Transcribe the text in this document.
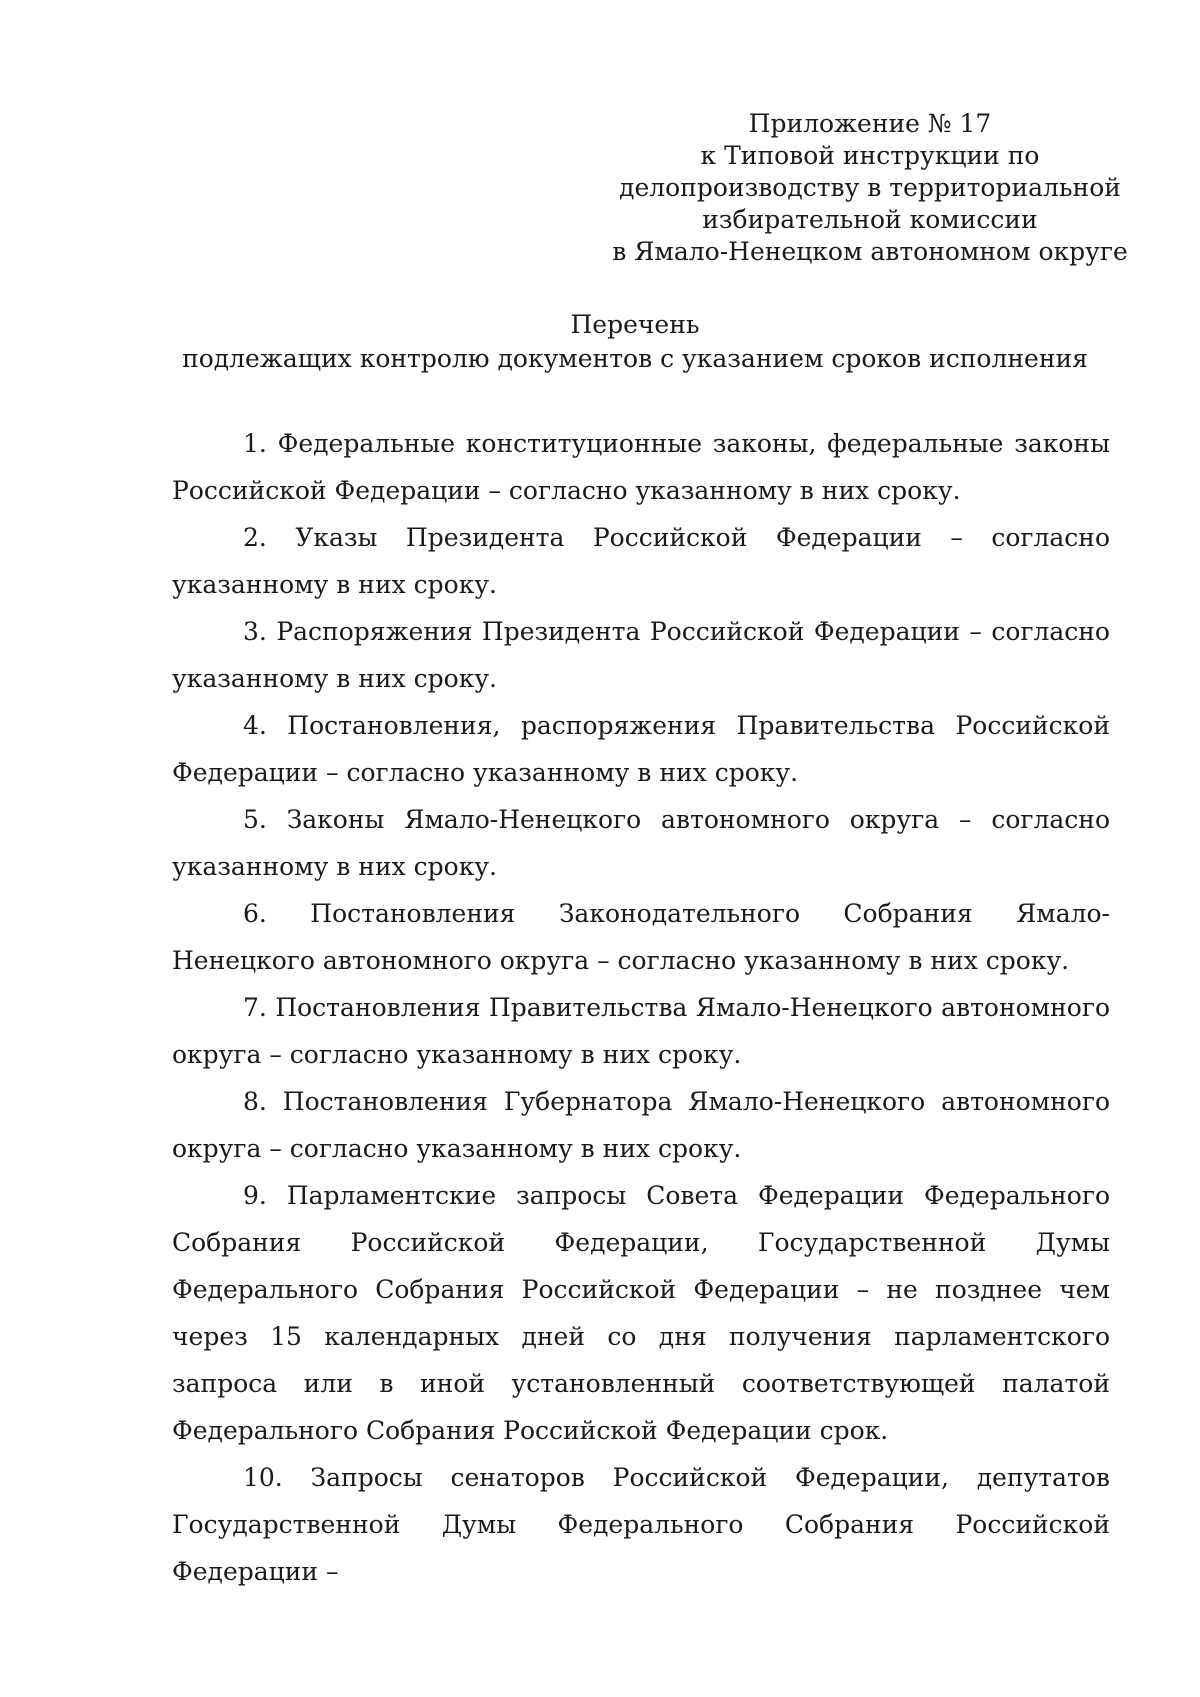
Приложение № 17
к Типовой инструкции по
делопроизводству в территориальной
избирательной комиссии
в Ямало-Ненецком автономном округе
Перечень
подлежащих контролю документов с указанием сроков исполнения

1. Федеральные конституционные законы, федеральные законы Российской Федерации – согласно указанному в них сроку.

2. Указы Президента Российской Федерации – согласно указанному в них сроку.

3. Распоряжения Президента Российской Федерации – согласно указанному в них сроку.

4. Постановления, распоряжения Правительства Российской Федерации – согласно указанному в них сроку.

5. Законы Ямало-Ненецкого автономного округа – согласно указанному в них сроку.

6. Постановления Законодательного Собрания Ямало-Ненецкого автономного округа – согласно указанному в них сроку.

7. Постановления Правительства Ямало-Ненецкого автономного округа – согласно указанному в них сроку.

8. Постановления Губернатора Ямало-Ненецкого автономного округа – согласно указанному в них сроку.

9. Парламентские запросы Совета Федерации Федерального Собрания Российской Федерации, Государственной Думы Федерального Собрания Российской Федерации – не позднее чем через 15 календарных дней со дня получения парламентского запроса или в иной установленный соответствующей палатой Федерального Собрания Российской Федерации срок.

10. Запросы сенаторов Российской Федерации, депутатов Государственной Думы Федерального Собрания Российской Федерации –
